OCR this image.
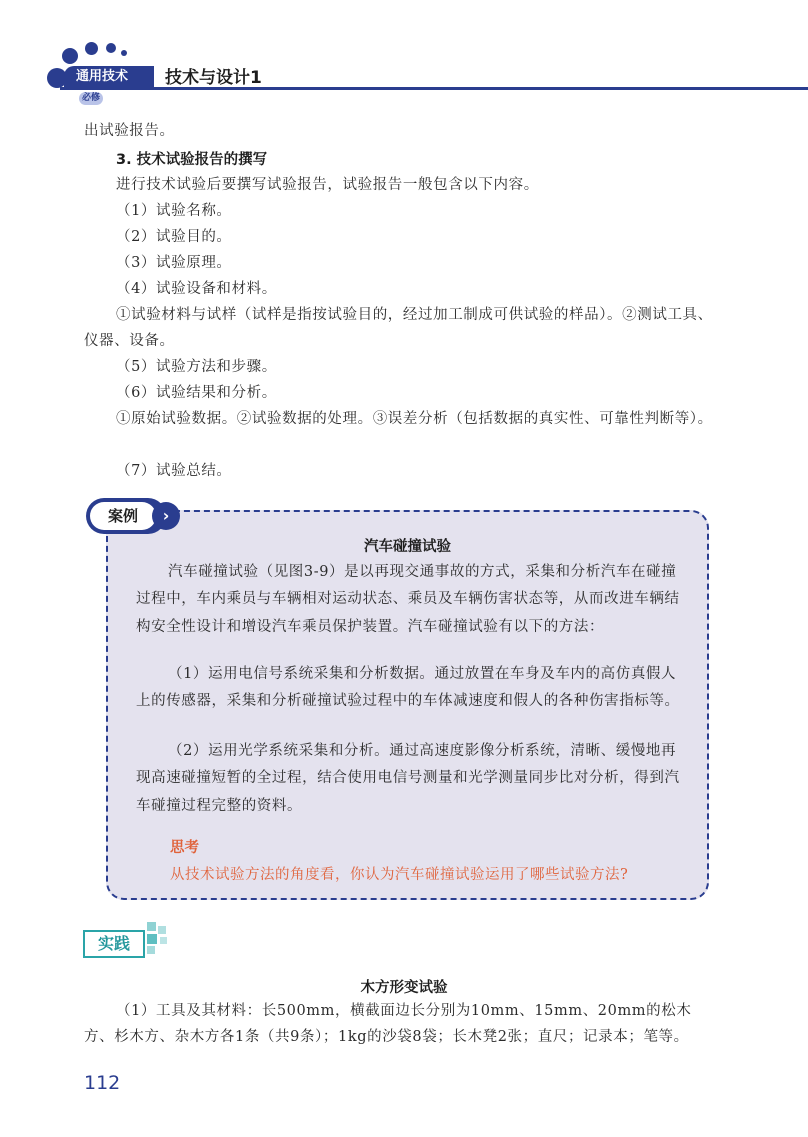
通用技术必修
技术与设计1

出试验报告。

3. 技术试验报告的撰写

进行技术试验后要撰写试验报告，试验报告一般包含以下内容。

（1）试验名称。

（2）试验目的。

（3）试验原理。

（4）试验设备和材料。

①试验材料与试样（试样是指按试验目的，经过加工制成可供试验的样品）。②测试工具、仪器、设备。

（5）试验方法和步骤。

（6）试验结果和分析。

①原始试验数据。②试验数据的处理。③误差分析（包括数据的真实性、可靠性判断等）。

（7）试验总结。

案例	›
汽车碰撞试验

汽车碰撞试验（见图3-9）是以再现交通事故的方式，采集和分析汽车在碰撞过程中，车内乘员与车辆相对运动状态、乘员及车辆伤害状态等，从而改进车辆结构安全性设计和增设汽车乘员保护装置。汽车碰撞试验有以下的方法：

（1）运用电信号系统采集和分析数据。通过放置在车身及车内的高仿真假人上的传感器，采集和分析碰撞试验过程中的车体减速度和假人的各种伤害指标等。

（2）运用光学系统采集和分析。通过高速度影像分析系统，清晰、缓慢地再现高速碰撞短暂的全过程，结合使用电信号测量和光学测量同步比对分析，得到汽车碰撞过程完整的资料。

思考
从技术试验方法的角度看，你认为汽车碰撞试验运用了哪些试验方法?
实践
木方形变试验

（1）工具及其材料：长500mm，横截面边长分别为10mm、15mm、20mm的松木方、杉木方、杂木方各1条（共9条）；1kg的沙袋8袋；长木凳2张；直尺；记录本；笔等。

112
